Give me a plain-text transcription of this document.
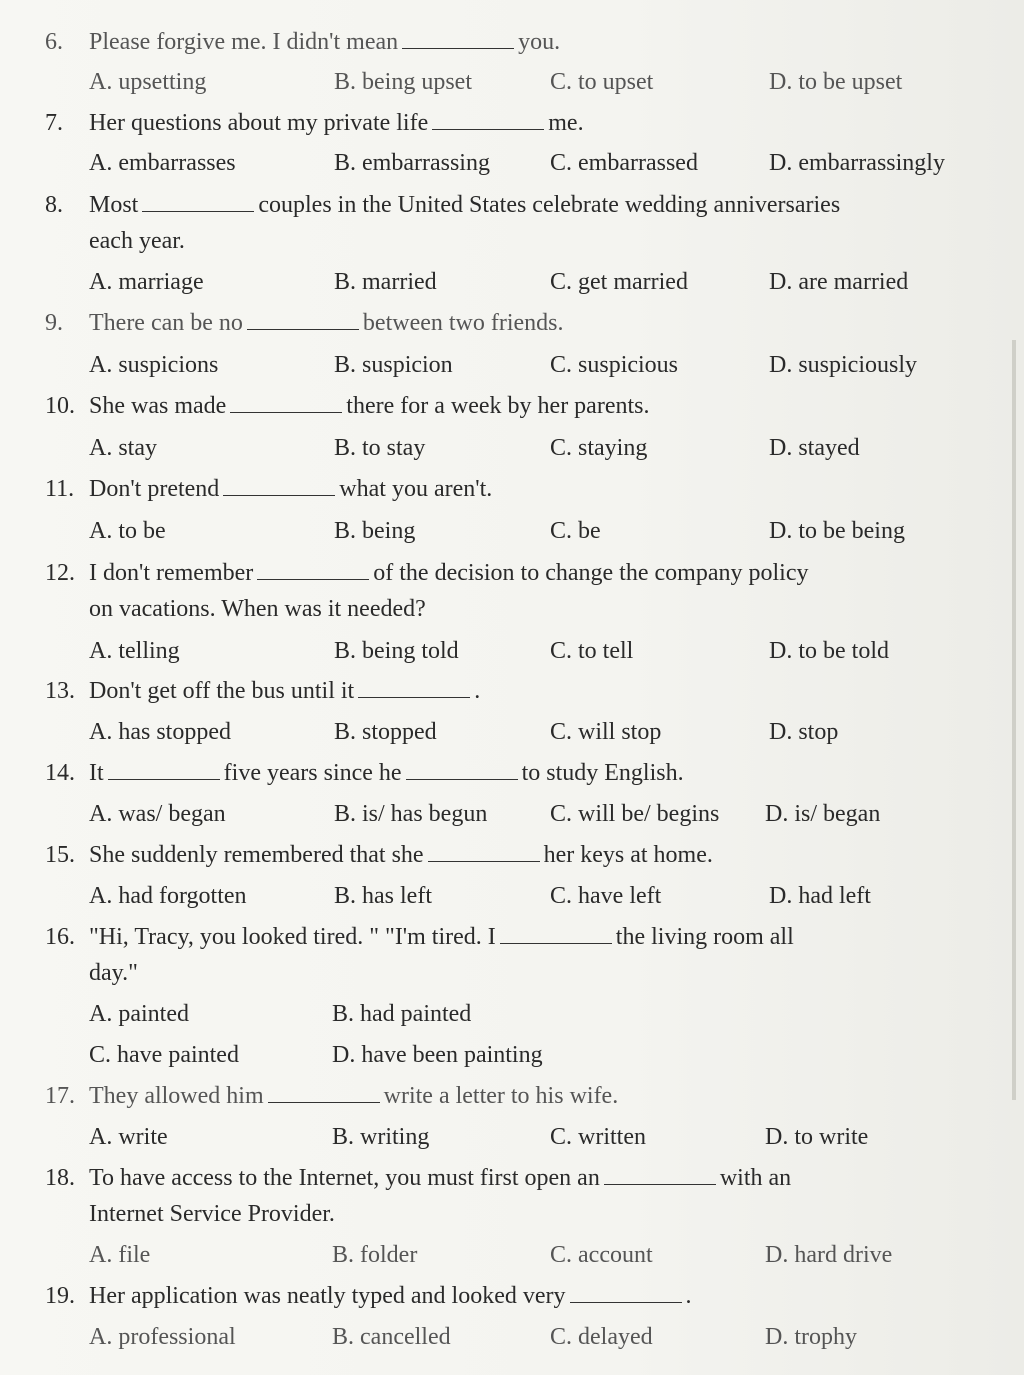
6. Please forgive me. I didn't mean	you.
A. upsetting	B. being upset	C. to upset	D. to be upset
7. Her questions about my private life	me.
A. embarrasses	B. embarrassing	C. embarrassed	D. embarrassingly
8. Most	couples in the United States celebrate wedding anniversaries
each year.
A. marriage	B. married	C. get married	D. are married
9. There can be no	between two friends.
A. suspicions	B. suspicion	C. suspicious	D. suspiciously
10. She was made	there for a week by her parents.
A. stay	B. to stay	C. staying	D. stayed
11. Don't pretend	what you aren't.
A. to be	B. being	C. be	D. to be being
12. I don't remember	of the decision to change the company policy
on vacations. When was it needed?
A. telling	B. being told	C. to tell	D. to be told
13. Don't get off the bus until it	.
A. has stopped	B. stopped	C. will stop	D. stop
14. It	five years since he	to study English.
A. was/ began	B. is/ has begun	C. will be/ begins D. is/ began
15. She suddenly remembered that she	her keys at home.
A. had forgotten	B. has left	C. have left	D. had left
16. "Hi, Tracy, you looked tired. " "I'm tired. I	the living room all
day."
A. painted	B. had painted
C. have painted	D. have been painting
17. They allowed him	write a letter to his wife.
A. write	B. writing	C. written	D. to write
18. To have access to the Internet, you must first open an	with an
Internet Service Provider.
A. file	B. folder	C. account	D. hard drive
19. Her application was neatly typed and looked very	.
A. professional	B. cancelled	C. delayed	D. trophy
